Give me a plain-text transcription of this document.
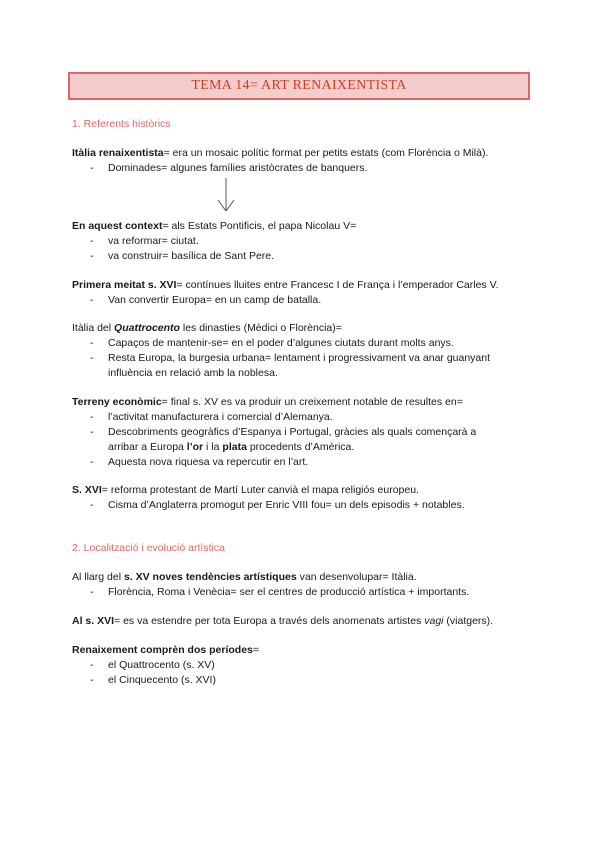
TEMA 14= ART RENAIXENTISTA
1. Referents històrics
Itàlia renaixentista= era un mosaic polític format per petits estats (com Florència o Milà).
- Dominades= algunes famílies aristòcrates de banquers.
En aquest context= als Estats Pontificis, el papa Nicolau V=
- va reformar= ciutat.
- va construir= basílica de Sant Pere.
Primera meitat s. XVI= contínues lluites entre Francesc I de França i l’emperador Carles V.
- Van convertir Europa= en un camp de batalla.
Itàlia del Quattrocento les dinasties (Mèdici o Florència)=
- Capaços de mantenir-se= en el poder d’algunes ciutats durant molts anys.
- Resta Europa, la burgesia urbana= lentament i progressivament va anar guanyant
influència en relació amb la noblesa.
Terreny econòmic= final s. XV es va produir un creixement notable de resultes en=
- l’activitat manufacturera i comercial d’Alemanya.
- Descobriments geogràfics d’Espanya i Portugal, gràcies als quals començarà a
arribar a Europa l’or i la plata procedents d’Amèrica.
- Aquesta nova riquesa va repercutir en l’art.
S. XVI= reforma protestant de Martí Luter canvià el mapa religiós europeu.
- Cisma d’Anglaterra promogut per Enric VIII fou= un dels episodis + notables.
2. Localització i evolució artística
Al llarg del s. XV noves tendències artístiques van desenvolupar= Itàlia.
- Florència, Roma i Venècia= ser el centres de producció artística + importants.
Al s. XVI= es va estendre per tota Europa a través dels anomenats artistes vagi (viatgers).
Renaixement comprèn dos períodes=
- el Quattrocento (s. XV)
- el Cinquecento (s. XVI)
